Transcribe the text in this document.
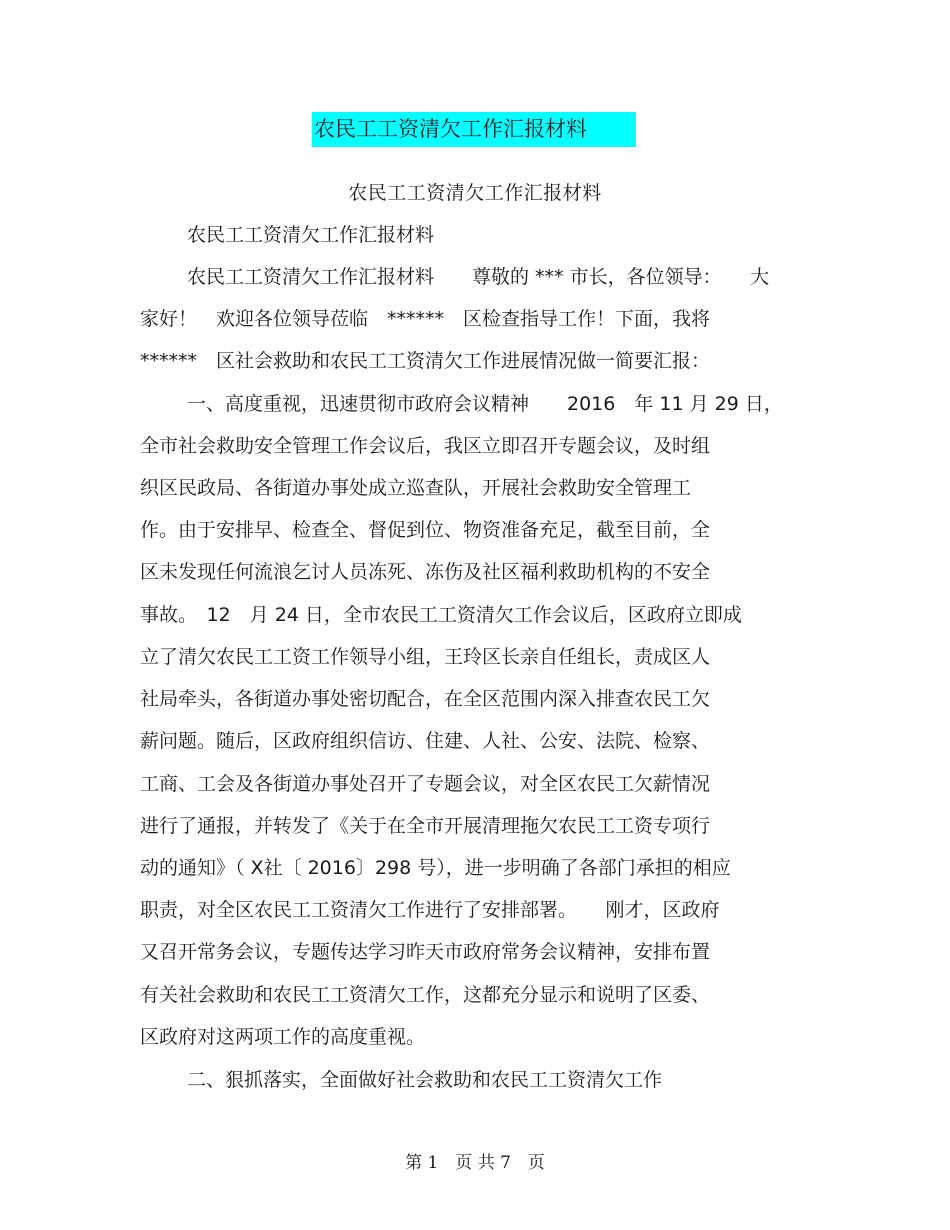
农民工工资清欠工作汇报材料
农民工工资清欠工作汇报材料
农民工工资清欠工作汇报材料
农民工工资清欠工作汇报材料　　尊敬的 *** 市长，各位领导：　　大
家好！　欢迎各位领导莅临　******　区检查指导工作！下面，我将
******　区社会救助和农民工工资清欠工作进展情况做一简要汇报：
一、高度重视，迅速贯彻市政府会议精神　　2016　年 11 月 29 日，
全市社会救助安全管理工作会议后，我区立即召开专题会议，及时组
织区民政局、各街道办事处成立巡查队，开展社会救助安全管理工
作。由于安排早、检查全、督促到位、物资准备充足，截至目前，全
区未发现任何流浪乞讨人员冻死、冻伤及社区福利救助机构的不安全
事故。　12　月 24 日，全市农民工工资清欠工作会议后，区政府立即成
立了清欠农民工工资工作领导小组，王玲区长亲自任组长，责成区人
社局牵头，各街道办事处密切配合，在全区范围内深入排查农民工欠
薪问题。随后，区政府组织信访、住建、人社、公安、法院、检察、
工商、工会及各街道办事处召开了专题会议，对全区农民工欠薪情况
进行了通报，并转发了《关于在全市开展清理拖欠农民工工资专项行
动的通知》（ X社〔 2016〕298 号），进一步明确了各部门承担的相应
职责，对全区农民工工资清欠工作进行了安排部署。　　刚才，区政府
又召开常务会议，专题传达学习昨天市政府常务会议精神，安排布置
有关社会救助和农民工工资清欠工作，这都充分显示和说明了区委、
区政府对这两项工作的高度重视。
二、狠抓落实，全面做好社会救助和农民工工资清欠工作
第 1　页 共 7　页
